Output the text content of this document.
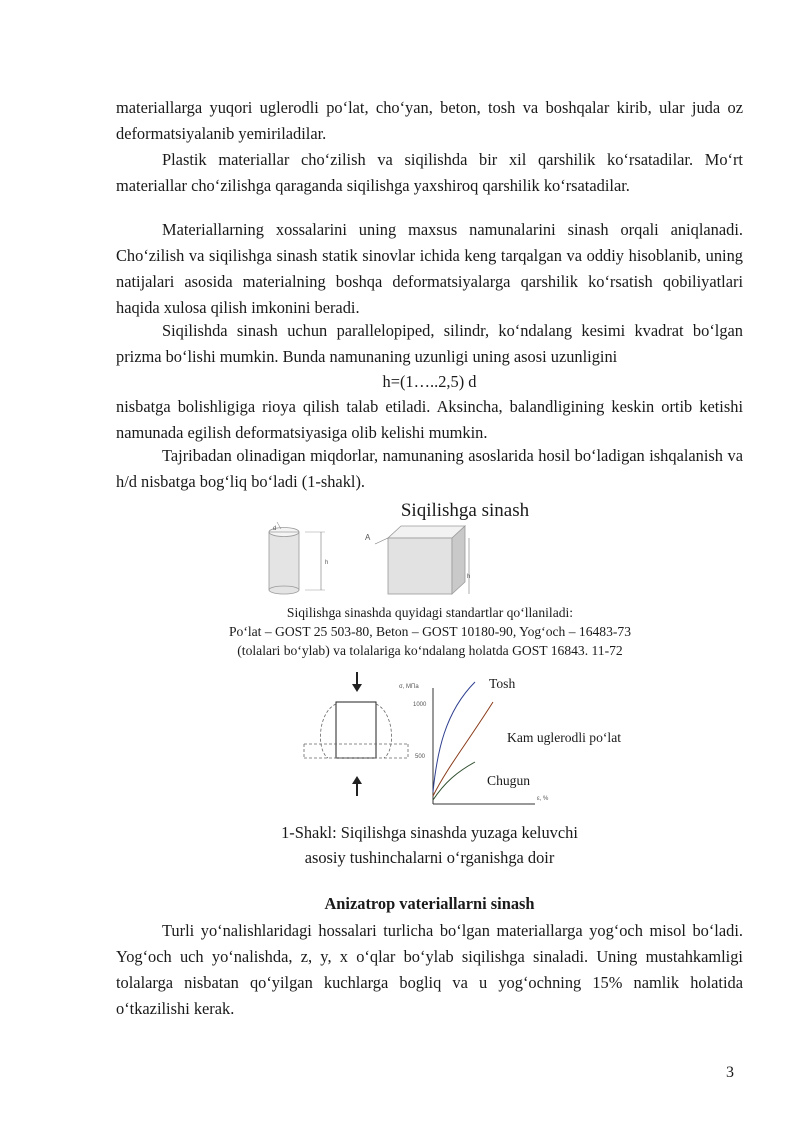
materiallarga yuqori uglerodli po‘lat, cho‘yan, beton, tosh va boshqalar kirib, ular juda oz deformatsiyalanib yemiriladilar.

Plastik materiallar cho‘zilish va siqilishda bir xil qarshilik ko‘rsatadilar. Mo‘rt materiallar cho‘zilishga qaraganda siqilishga yaxshiroq qarshilik ko‘rsatadilar.

Materiallarning xossalarini uning maxsus namunalarini sinash orqali aniqlanadi. Cho‘zilish va siqilishga sinash statik sinovlar ichida keng tarqalgan va oddiy hisoblanib, uning natijalari asosida materialning boshqa deformatsiyalarga qarshilik ko‘rsatish qobiliyatlari haqida xulosa qilish imkonini beradi.

Siqilishda sinash uchun parallelopiped, silindr, ko‘ndalang kesimi kvadrat bo‘lgan prizma bo‘lishi mumkin. Bunda namunaning uzunligi uning asosi uzunligini

h=(1…..2,5) d

nisbatga bolishligiga rioya qilish talab etiladi. Aksincha, balandligining keskin ortib ketishi namunada egilish deformatsiyasiga olib kelishi mumkin.

Tajribadan olinadigan miqdorlar, namunaning asoslarida hosil bo‘ladigan ishqalanish va h/d nisbatga bog‘liq bo‘ladi (1-shakl).

Siqilishga sinash
d
h
A
h
Siqilishga sinashda quyidagi standartlar qo‘llaniladi:
Po‘lat – GOST 25 503-80, Beton – GOST 10180-90, Yog‘och – 16483-73
(tolalari bo‘ylab) va tolalariga ko‘ndalang holatda GOST 16843. 11-72
σ, МПа
1000
500
ε, %
Tosh
Kam uglerodli po‘lat
Chugun
1-Shakl: Siqilishga sinashda yuzaga keluvchi
asosiy tushinchalarni o‘rganishga doir
Anizatrop vateriallarni sinash

Turli yo‘nalishlaridagi hossalari turlicha bo‘lgan materiallarga yog‘och misol bo‘ladi. Yog‘och uch yo‘nalishda, z, y, x o‘qlar bo‘ylab siqilishga sinaladi. Uning mustahkamligi tolalarga nisbatan qo‘yilgan kuchlarga bogliq va u yog‘ochning 15% namlik holatida o‘tkazilishi kerak.

3
